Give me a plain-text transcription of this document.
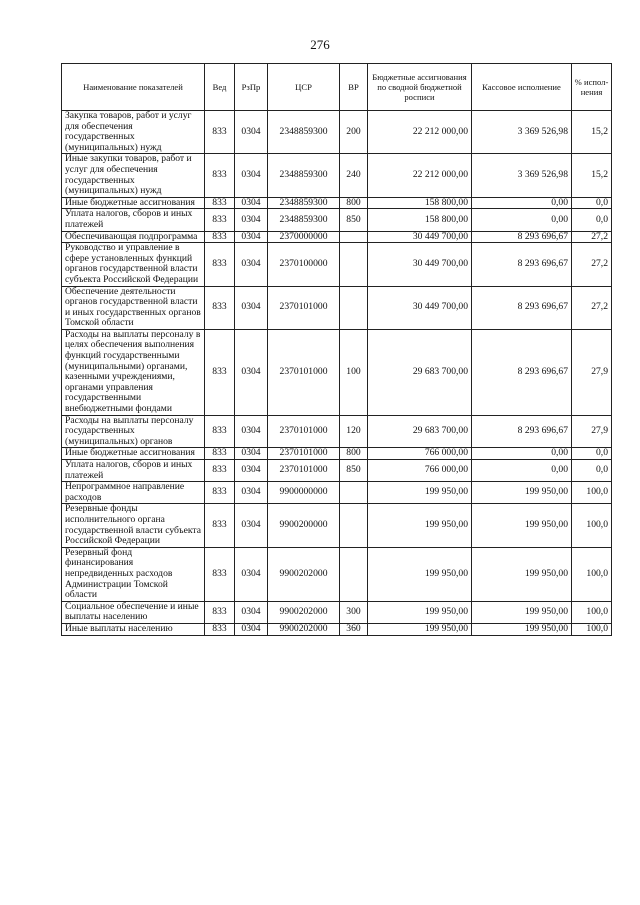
276
Наименование показателей	Вед	РзПр	ЦСР	ВР	Бюджетные ассигнования по сводной бюджетной росписи	Кассовое исполнение	% испол-нения
Закупка товаров, работ и услуг для обеспечения государственных (муниципальных) нужд	833	0304	2348859300	200	22 212 000,00	3 369 526,98	15,2
Иные закупки товаров, работ и услуг для обеспечения государственных (муниципальных) нужд	833	0304	2348859300	240	22 212 000,00	3 369 526,98	15,2
Иные бюджетные ассигнования	833	0304	2348859300	800	158 800,00	0,00	0,0
Уплата налогов, сборов и иных платежей	833	0304	2348859300	850	158 800,00	0,00	0,0
Обеспечивающая подпрограмма	833	0304	2370000000		30 449 700,00	8 293 696,67	27,2
Руководство и управление в сфере установленных функций органов государственной власти субъекта Российской Федерации	833	0304	2370100000		30 449 700,00	8 293 696,67	27,2
Обеспечение деятельности органов государственной власти и иных государственных органов Томской области	833	0304	2370101000		30 449 700,00	8 293 696,67	27,2
Расходы на выплаты персоналу в целях обеспечения выполнения функций государственными (муниципальными) органами, казенными учреждениями, органами управления государственными внебюджетными фондами	833	0304	2370101000	100	29 683 700,00	8 293 696,67	27,9
Расходы на выплаты персоналу государственных (муниципальных) органов	833	0304	2370101000	120	29 683 700,00	8 293 696,67	27,9
Иные бюджетные ассигнования	833	0304	2370101000	800	766 000,00	0,00	0,0
Уплата налогов, сборов и иных платежей	833	0304	2370101000	850	766 000,00	0,00	0,0
Непрограммное направление расходов	833	0304	9900000000		199 950,00	199 950,00	100,0
Резервные фонды исполнительного органа государственной власти субъекта Российской Федерации	833	0304	9900200000		199 950,00	199 950,00	100,0
Резервный фонд финансирования непредвиденных расходов Администрации Томской области	833	0304	9900202000		199 950,00	199 950,00	100,0
Социальное обеспечение и иные выплаты населению	833	0304	9900202000	300	199 950,00	199 950,00	100,0
Иные выплаты населению	833	0304	9900202000	360	199 950,00	199 950,00	100,0
